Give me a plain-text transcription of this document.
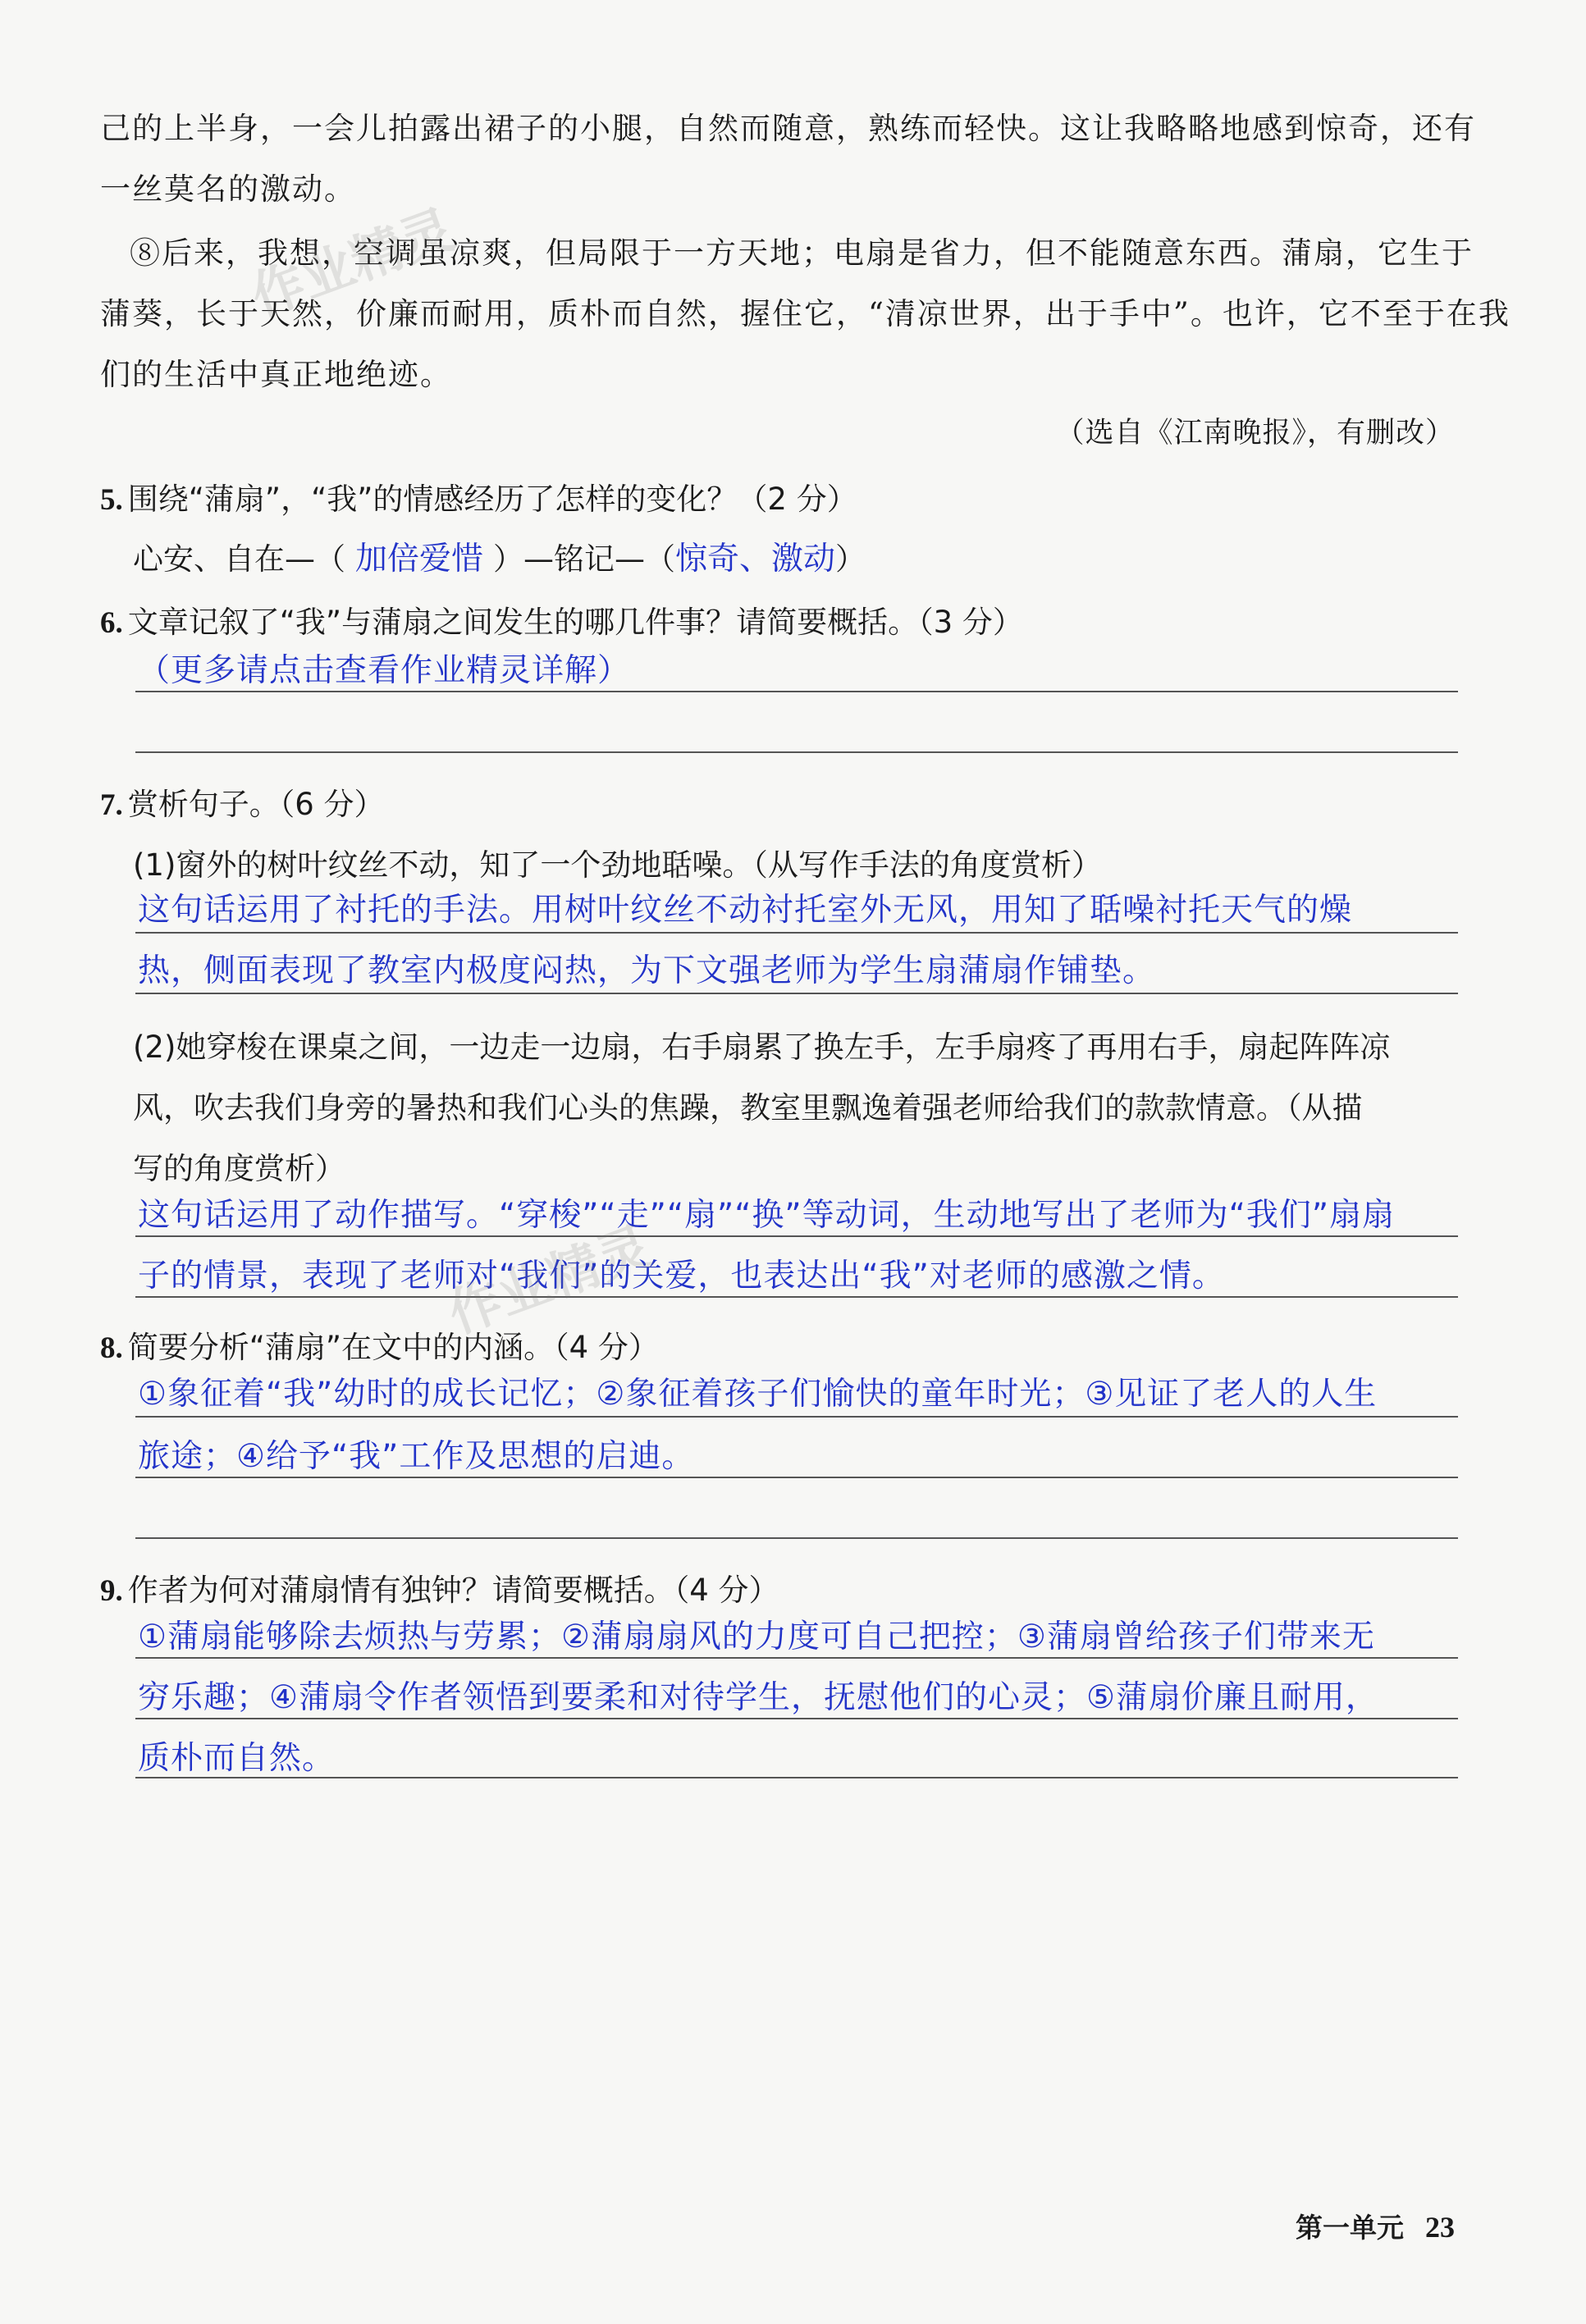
己的上半身，一会儿拍露出裙子的小腿，自然而随意，熟练而轻快。这让我略略地感到惊奇，还有
一丝莫名的激动。
⑧后来，我想，空调虽凉爽，但局限于一方天地；电扇是省力，但不能随意东西。蒲扇，它生于
蒲葵，长于天然，价廉而耐用，质朴而自然，握住它，“清凉世界，出于手中”。也许，它不至于在我
们的生活中真正地绝迹。
（选自《江南晚报》，有删改）
5. 围绕“蒲扇”，“我”的情感经历了怎样的变化？（2 分）
心安、自在—（ 加倍爱惜 ）—铭记—（惊奇、激动）
6. 文章记叙了“我”与蒲扇之间发生的哪几件事？请简要概括。（3 分）
（更多请点击查看作业精灵详解）
7. 赏析句子。（6 分）
(1)窗外的树叶纹丝不动，知了一个劲地聒噪。（从写作手法的角度赏析）
这句话运用了衬托的手法。用树叶纹丝不动衬托室外无风，用知了聒噪衬托天气的燥
热，侧面表现了教室内极度闷热，为下文强老师为学生扇蒲扇作铺垫。
(2)她穿梭在课桌之间，一边走一边扇，右手扇累了换左手，左手扇疼了再用右手，扇起阵阵凉
风，吹去我们身旁的暑热和我们心头的焦躁，教室里飘逸着强老师给我们的款款情意。（从描
写的角度赏析）
这句话运用了动作描写。“穿梭”“走”“扇”“换”等动词，生动地写出了老师为“我们”扇扇
子的情景，表现了老师对“我们”的关爱，也表达出“我”对老师的感激之情。
8. 简要分析“蒲扇”在文中的内涵。（4 分）
①象征着“我”幼时的成长记忆；②象征着孩子们愉快的童年时光；③见证了老人的人生
旅途；④给予“我”工作及思想的启迪。
9. 作者为何对蒲扇情有独钟？请简要概括。（4 分）
①蒲扇能够除去烦热与劳累；②蒲扇扇风的力度可自己把控；③蒲扇曾给孩子们带来无
穷乐趣；④蒲扇令作者领悟到要柔和对待学生，抚慰他们的心灵；⑤蒲扇价廉且耐用，
质朴而自然。
作业精灵
作业精灵
第一单元 23
